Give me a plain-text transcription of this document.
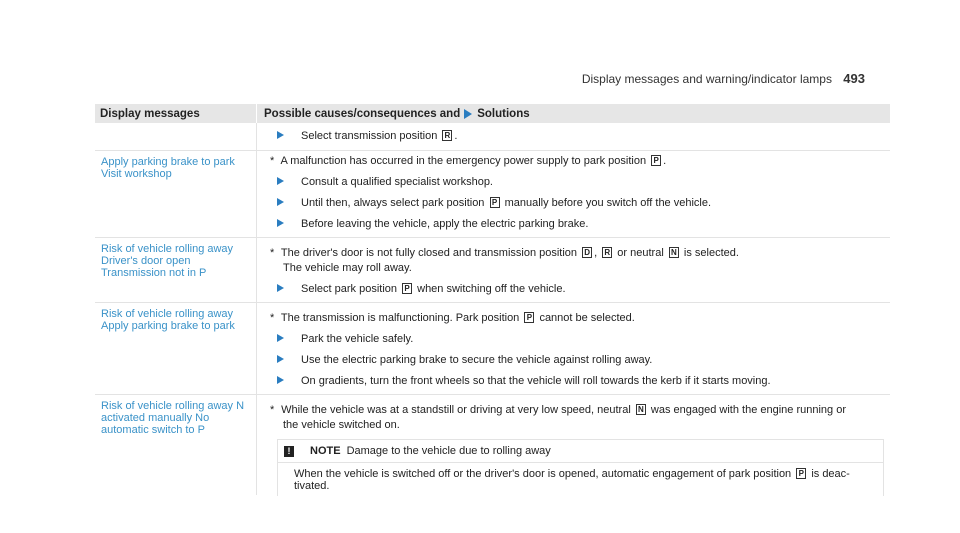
Display messages and warning/indicator lamps 493
Display messages	Possible causes/consequences and Solutions
Select transmission position R .
Apply parking brake to park Visit workshop
* A malfunction has occurred in the emergency power supply to park position P .
Consult a qualified specialist workshop.
Until then, always select park position P manually before you switch off the vehicle.
Before leaving the vehicle, apply the electric parking brake.
Risk of vehicle rolling away Driver's door open Transmission not in P
* The driver's door is not fully closed and transmission position D , R or neutral N is selected.
The vehicle may roll away.
Select park position P when switching off the vehicle.
Risk of vehicle rolling away Apply parking brake to park
* The transmission is malfunctioning. Park position P cannot be selected.
Park the vehicle safely.
Use the electric parking brake to secure the vehicle against rolling away.
On gradients, turn the front wheels so that the vehicle will roll towards the kerb if it starts moving.
Risk of vehicle rolling away N activated manually No automatic switch to P
* While the vehicle was at a standstill or driving at very low speed, neutral N was engaged with the engine running or
the vehicle switched on.
!	NOTE Damage to the vehicle due to rolling away
When the vehicle is switched off or the driver's door is opened, automatic engagement of park position P is deac-
tivated.
